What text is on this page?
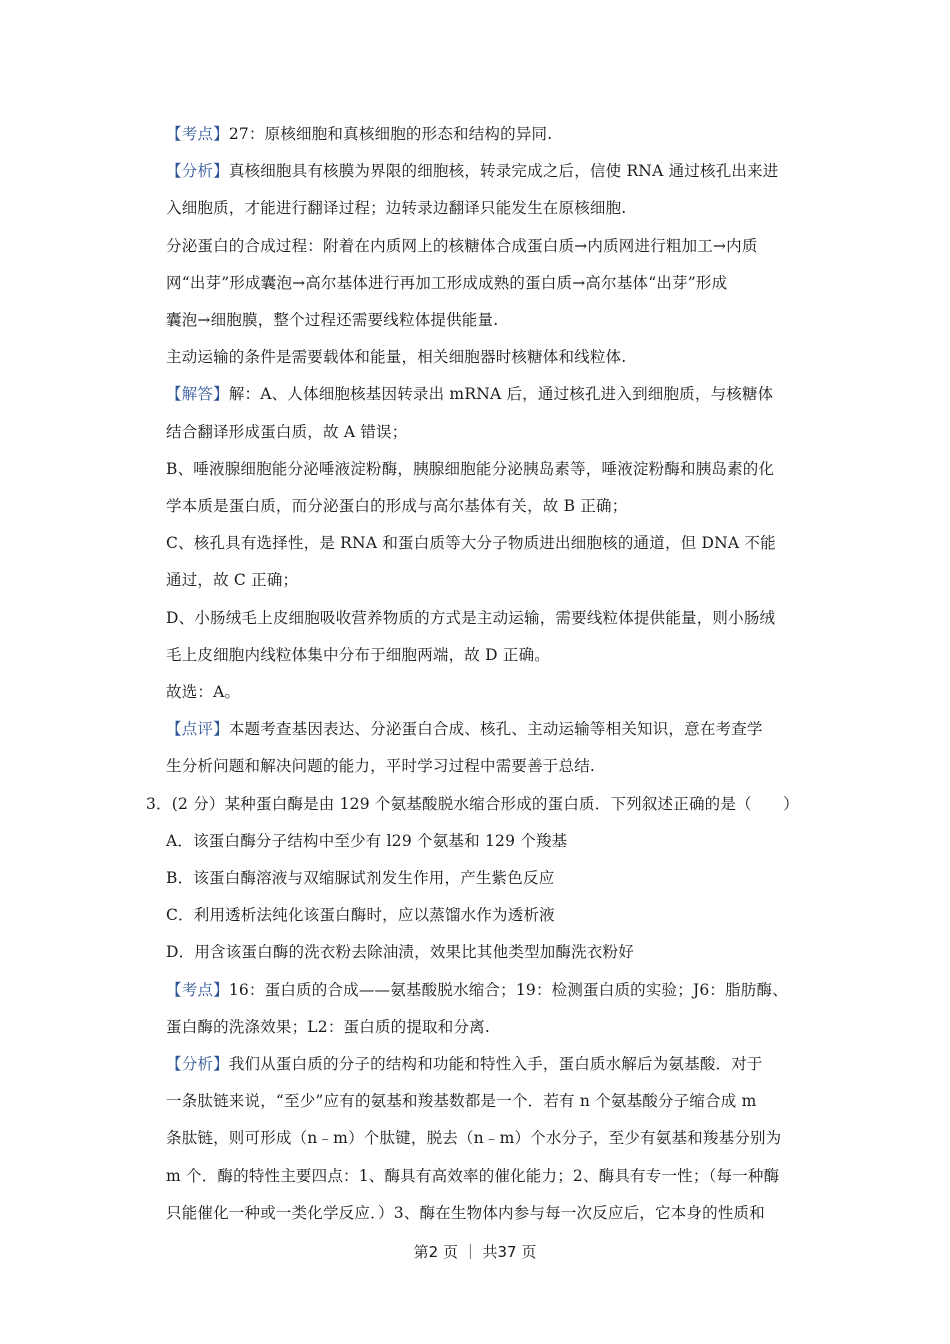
【考点】27：原核细胞和真核细胞的形态和结构的异同.

【分析】真核细胞具有核膜为界限的细胞核，转录完成之后，信使 RNA 通过核孔出来进

入细胞质，才能进行翻译过程；边转录边翻译只能发生在原核细胞.

分泌蛋白的合成过程：附着在内质网上的核糖体合成蛋白质→内质网进行粗加工→内质

网“出芽”形成囊泡→高尔基体进行再加工形成成熟的蛋白质→高尔基体“出芽”形成

囊泡→细胞膜，整个过程还需要线粒体提供能量.

主动运输的条件是需要载体和能量，相关细胞器时核糖体和线粒体.

【解答】解：A、人体细胞核基因转录出 mRNA 后，通过核孔进入到细胞质，与核糖体

结合翻译形成蛋白质，故 A 错误；

B、唾液腺细胞能分泌唾液淀粉酶，胰腺细胞能分泌胰岛素等，唾液淀粉酶和胰岛素的化

学本质是蛋白质，而分泌蛋白的形成与高尔基体有关，故 B 正确；

C、核孔具有选择性，是 RNA 和蛋白质等大分子物质进出细胞核的通道，但 DNA 不能

通过，故 C 正确；

D、小肠绒毛上皮细胞吸收营养物质的方式是主动运输，需要线粒体提供能量，则小肠绒

毛上皮细胞内线粒体集中分布于细胞两端，故 D 正确。

故选：A。

【点评】本题考查基因表达、分泌蛋白合成、核孔、主动运输等相关知识，意在考查学

生分析问题和解决问题的能力，平时学习过程中需要善于总结.

3．(2 分）某种蛋白酶是由 129 个氨基酸脱水缩合形成的蛋白质．下列叙述正确的是（　　）

A．该蛋白酶分子结构中至少有 l29 个氨基和 129 个羧基

B．该蛋白酶溶液与双缩脲试剂发生作用，产生紫色反应

C．利用透析法纯化该蛋白酶时，应以蒸馏水作为透析液

D．用含该蛋白酶的洗衣粉去除油渍，效果比其他类型加酶洗衣粉好

【考点】16：蛋白质的合成——氨基酸脱水缩合；19：检测蛋白质的实验；J6：脂肪酶、

蛋白酶的洗涤效果；L2：蛋白质的提取和分离.

【分析】我们从蛋白质的分子的结构和功能和特性入手，蛋白质水解后为氨基酸．对于

一条肽链来说，“至少”应有的氨基和羧基数都是一个．若有 n 个氨基酸分子缩合成 m

条肽链，则可形成（n﹣m）个肽键，脱去（n﹣m）个水分子，至少有氨基和羧基分别为

m 个．酶的特性主要四点：1、酶具有高效率的催化能力；2、酶具有专一性；（每一种酶

只能催化一种或一类化学反应．）3、酶在生物体内参与每一次反应后，它本身的性质和

第2 页 ｜ 共37 页
